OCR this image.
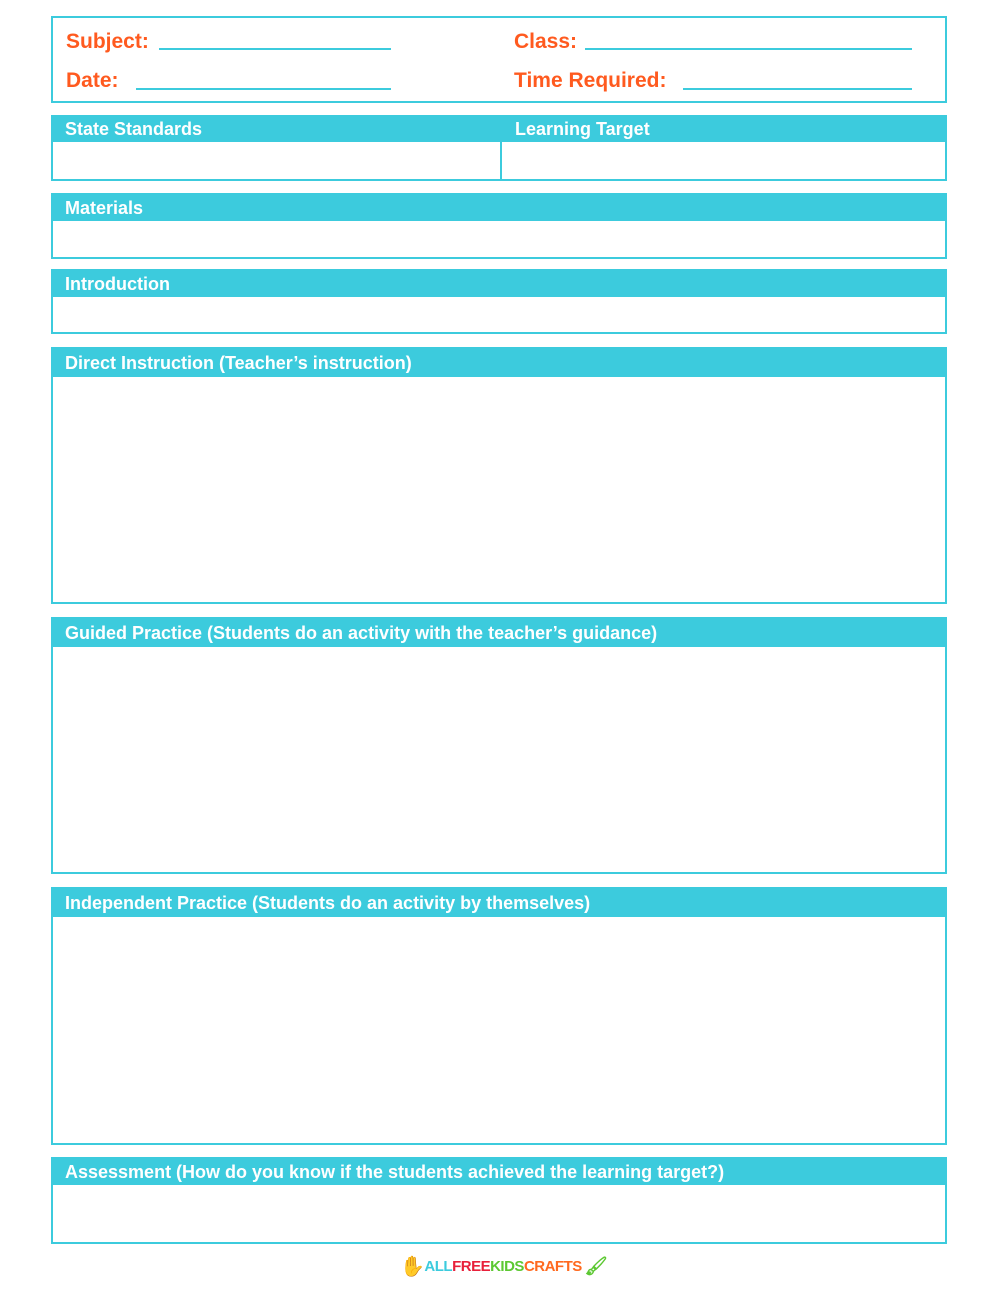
Subject:	Class:
Date:	Time Required:
State Standards	Learning Target
Materials
Introduction
Direct Instruction (Teacher’s instruction)
Guided Practice (Students do an activity with the teacher’s guidance)
Independent Practice (Students do an activity by themselves)
Assessment (How do you know if the students achieved the learning target?)
✋ ALL FREE KIDS CRAFTS 🖌
